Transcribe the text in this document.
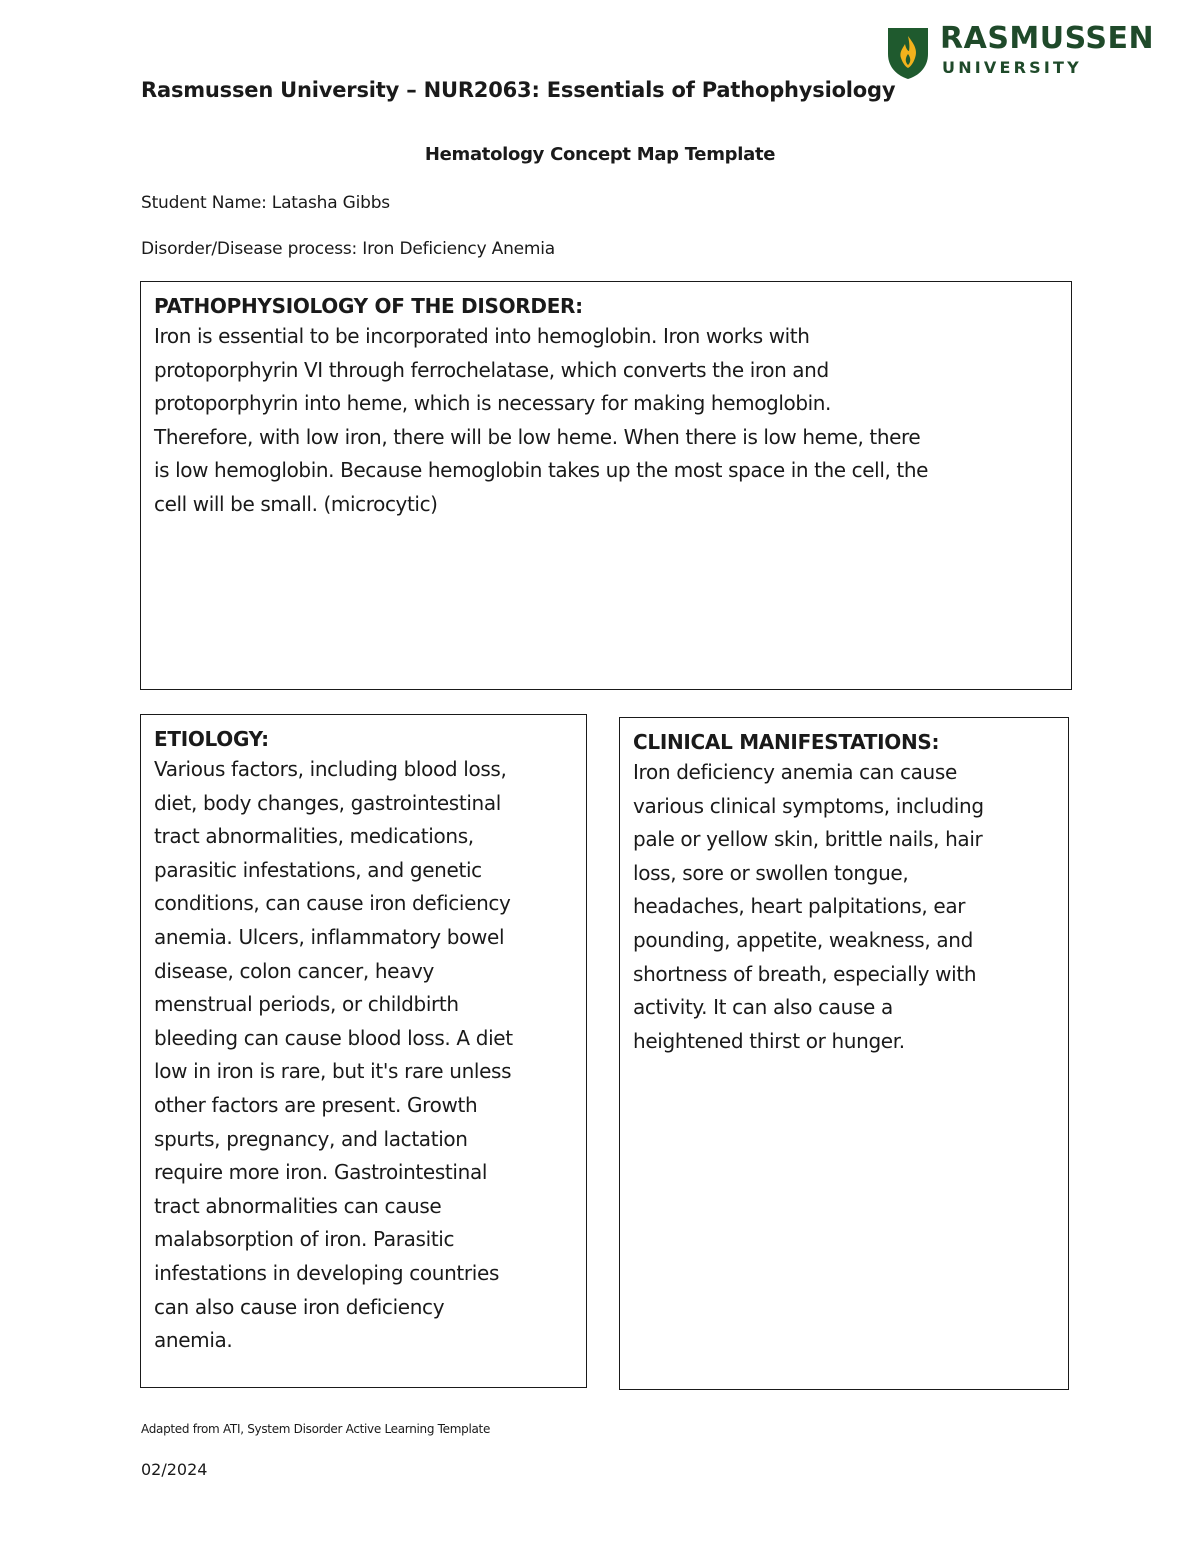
RASMUSSEN
UNIVERSITY
Rasmussen University – NUR2063: Essentials of Pathophysiology
Hematology Concept Map Template
Student Name: Latasha Gibbs
Disorder/Disease process: Iron Deficiency Anemia
PATHOPHYSIOLOGY OF THE DISORDER:
Iron is essential to be incorporated into hemoglobin. Iron works with
protoporphyrin VI through ferrochelatase, which converts the iron and
protoporphyrin into heme, which is necessary for making hemoglobin.
Therefore, with low iron, there will be low heme. When there is low heme, there
is low hemoglobin. Because hemoglobin takes up the most space in the cell, the
cell will be small. (microcytic)
ETIOLOGY:
Various factors, including blood loss,
diet, body changes, gastrointestinal
tract abnormalities, medications,
parasitic infestations, and genetic
conditions, can cause iron deficiency
anemia. Ulcers, inflammatory bowel
disease, colon cancer, heavy
menstrual periods, or childbirth
bleeding can cause blood loss. A diet
low in iron is rare, but it's rare unless
other factors are present. Growth
spurts, pregnancy, and lactation
require more iron. Gastrointestinal
tract abnormalities can cause
malabsorption of iron. Parasitic
infestations in developing countries
can also cause iron deficiency
anemia.
CLINICAL MANIFESTATIONS:
Iron deficiency anemia can cause
various clinical symptoms, including
pale or yellow skin, brittle nails, hair
loss, sore or swollen tongue,
headaches, heart palpitations, ear
pounding, appetite, weakness, and
shortness of breath, especially with
activity. It can also cause a
heightened thirst or hunger.
Adapted from ATI, System Disorder Active Learning Template
02/2024
